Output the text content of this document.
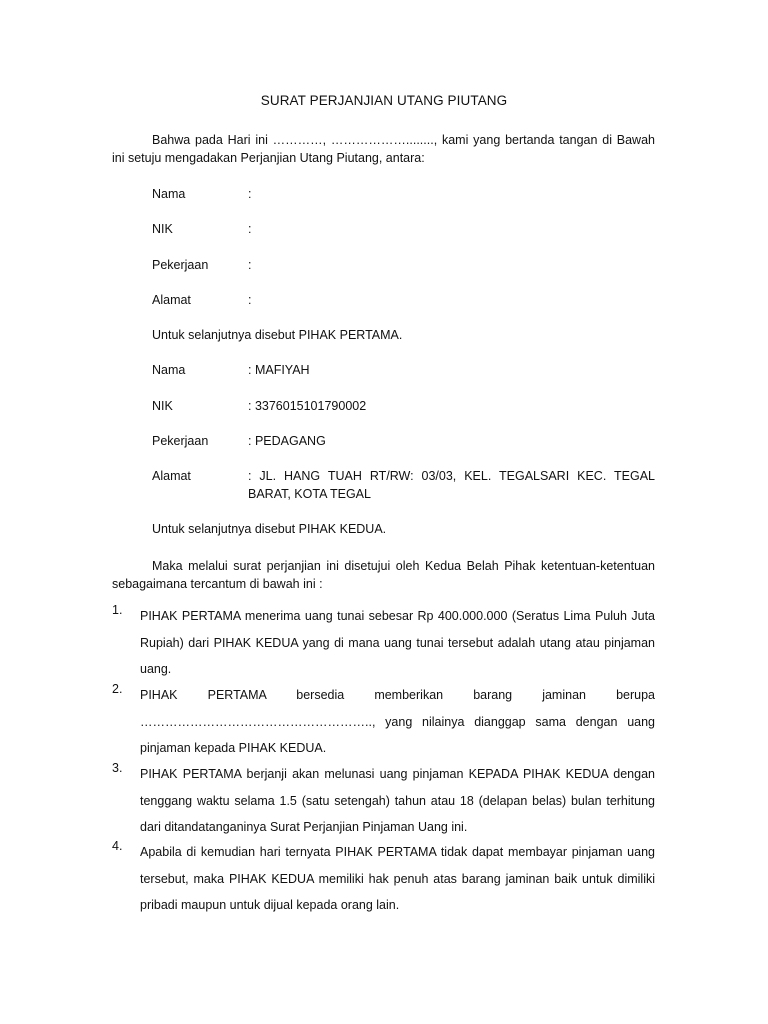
SURAT PERJANJIAN UTANG PIUTANG
Bahwa pada Hari ini …………, ………………........, kami yang bertanda tangan di Bawah ini setuju mengadakan Perjanjian Utang Piutang, antara:
Nama	:
NIK	:
Pekerjaan	:
Alamat	:
Untuk selanjutnya disebut PIHAK PERTAMA.
Nama	: MAFIYAH
NIK	: 3376015101790002
Pekerjaan	: PEDAGANG
Alamat	: JL. HANG TUAH RT/RW: 03/03, KEL. TEGALSARI KEC. TEGAL BARAT, KOTA TEGAL
Untuk selanjutnya disebut PIHAK KEDUA.
Maka melalui surat perjanjian ini disetujui oleh Kedua Belah Pihak ketentuan-ketentuan sebagaimana tercantum di bawah ini :
1.	PIHAK PERTAMA menerima uang tunai sebesar Rp 400.000.000 (Seratus Lima Puluh Juta Rupiah) dari PIHAK KEDUA yang di mana uang tunai tersebut adalah utang atau pinjaman uang.
2.	PIHAK PERTAMA bersedia memberikan barang jaminan berupa ……………………………………………….., yang nilainya dianggap sama dengan uang pinjaman kepada PIHAK KEDUA.
3.	PIHAK PERTAMA berjanji akan melunasi uang pinjaman KEPADA PIHAK KEDUA dengan tenggang waktu selama 1.5 (satu setengah) tahun atau 18 (delapan belas) bulan terhitung dari ditandatanganinya Surat Perjanjian Pinjaman Uang ini.
4.	Apabila di kemudian hari ternyata PIHAK PERTAMA tidak dapat membayar pinjaman uang tersebut, maka PIHAK KEDUA memiliki hak penuh atas barang jaminan baik untuk dimiliki pribadi maupun untuk dijual kepada orang lain.
